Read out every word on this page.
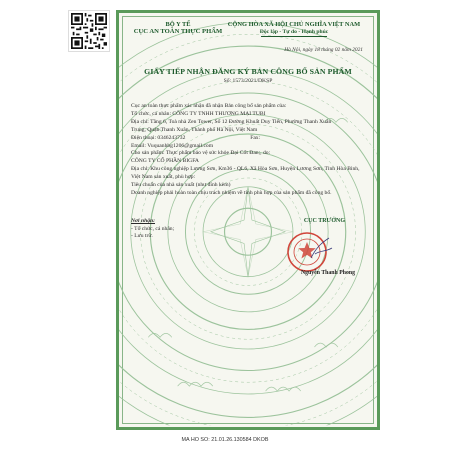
BỘ Y TẾ
CỤC AN TOÀN THỰC PHẨM
CỘNG HÒA XÃ HỘI CHỦ NGHĨA VIỆT NAM
Độc lập - Tự do - Hạnh phúc
Hà Nội, ngày 18 tháng 02 năm 2021
GIẤY TIẾP NHẬN ĐĂNG KÝ BẢN CÔNG BỐ SẢN PHẨM
Số: 1573/2021/DKSP
Cục an toàn thực phẩm xác nhận đã nhận Bản công bố sản phẩm của:
Tổ chức, cá nhân: CÔNG TY TNHH THƯƠNG MẠI TUBI
Địa chỉ: Tầng 6, Toà nhà Zen Tower, Số 12 Đường Khuất Duy Tiến, Phường Thanh Xuân
Trung, Quận Thanh Xuân, Thành phố Hà Nội, Việt Nam
Điện thoại: 0346243732	Fax:
Email: Vuquanhbg1206@gmail.com
Cho sản phẩm: Thực phẩm bảo vệ sức khỏe Đại Cốt Đan;, do:
CÔNG TY CỔ PHẦN BIGFA
Địa chỉ: Khu công nghiệp Lương Sơn, Km36 - QL6, Xã Hòa Sơn, Huyện Lương Sơn, Tỉnh Hòa Bình, Việt Nam sản xuất, phù hợp:
Tiêu chuẩn của nhà sản xuất (như đính kèm)
Doanh nghiệp phải hoàn toàn chịu trách nhiệm về tính phù hợp của sản phẩm đã công bố.
Nơi nhận:
- Tổ chức, cá nhân;
- Lưu trữ.
CỤC TRƯỞNG
Nguyễn Thanh Phong
MA HO SO: 21.01.26.130584 DKOB
